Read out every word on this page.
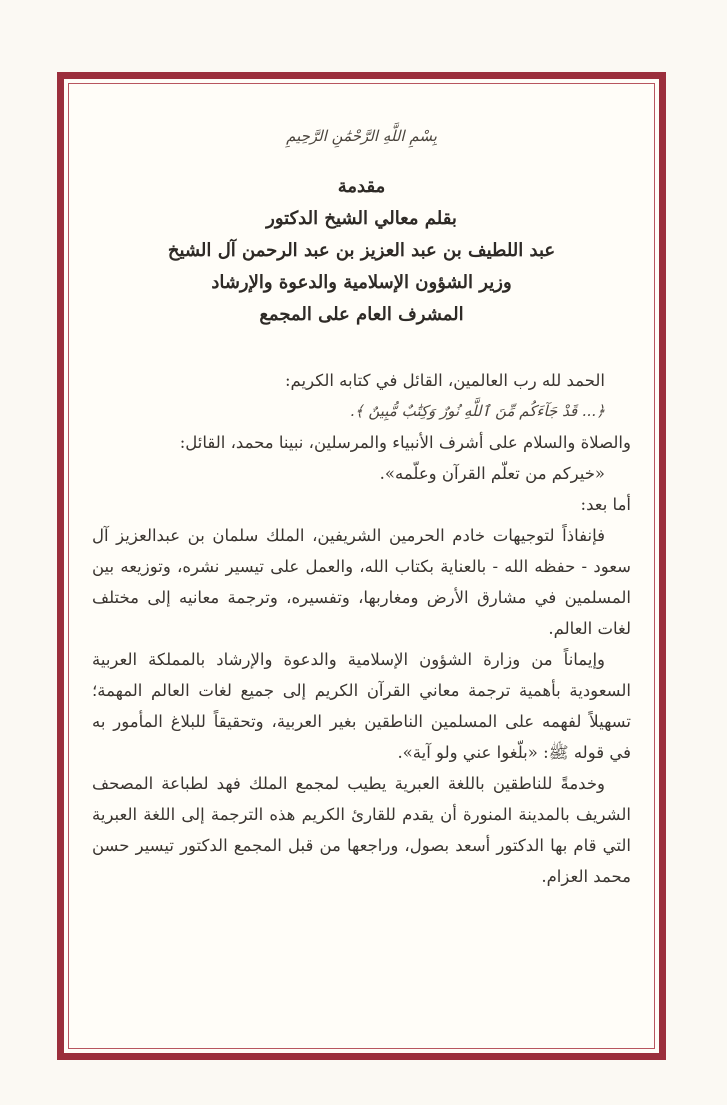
بِسْمِ اللَّهِ الرَّحْمَٰنِ الرَّحِيمِ
مقدمة
بقلم معالي الشيخ الدكتور
عبد اللطيف بن عبد العزيز بن عبد الرحمن آل الشيخ
وزير الشؤون الإسلامية والدعوة والإرشاد
المشرف العام على المجمع

الحمد لله رب العالمين، القائل في كتابه الكريم:

﴿... قَدْ جَآءَكُم مِّنَ ٱللَّهِ نُورٌ وَكِتَٰبٌ مُّبِينٌ ﴾.

والصلاة والسلام على أشرف الأنبياء والمرسلين، نبينا محمد، القائل:

«خيركم من تعلّم القرآن وعلّمه».

أما بعد:

فإنفاذاً لتوجيهات خادم الحرمين الشريفين، الملك سلمان بن عبدالعزيز آل سعود - حفظه الله - بالعناية بكتاب الله، والعمل على تيسير نشره، وتوزيعه بين المسلمين في مشارق الأرض ومغاربها، وتفسيره، وترجمة معانيه إلى مختلف لغات العالم.

وإيماناً من وزارة الشؤون الإسلامية والدعوة والإرشاد بالمملكة العربية السعودية بأهمية ترجمة معاني القرآن الكريم إلى جميع لغات العالم المهمة؛ تسهيلاً لفهمه على المسلمين الناطقين بغير العربية، وتحقيقاً للبلاغ المأمور به في قوله ﷺ: «بلّغوا عني ولو آية».

وخدمةً للناطقين باللغة العبرية يطيب لمجمع الملك فهد لطباعة المصحف الشريف بالمدينة المنورة أن يقدم للقارئ الكريم هذه الترجمة إلى اللغة العبرية التي قام بها الدكتور أسعد بصول، وراجعها من قبل المجمع الدكتور تيسير حسن محمد العزام.
